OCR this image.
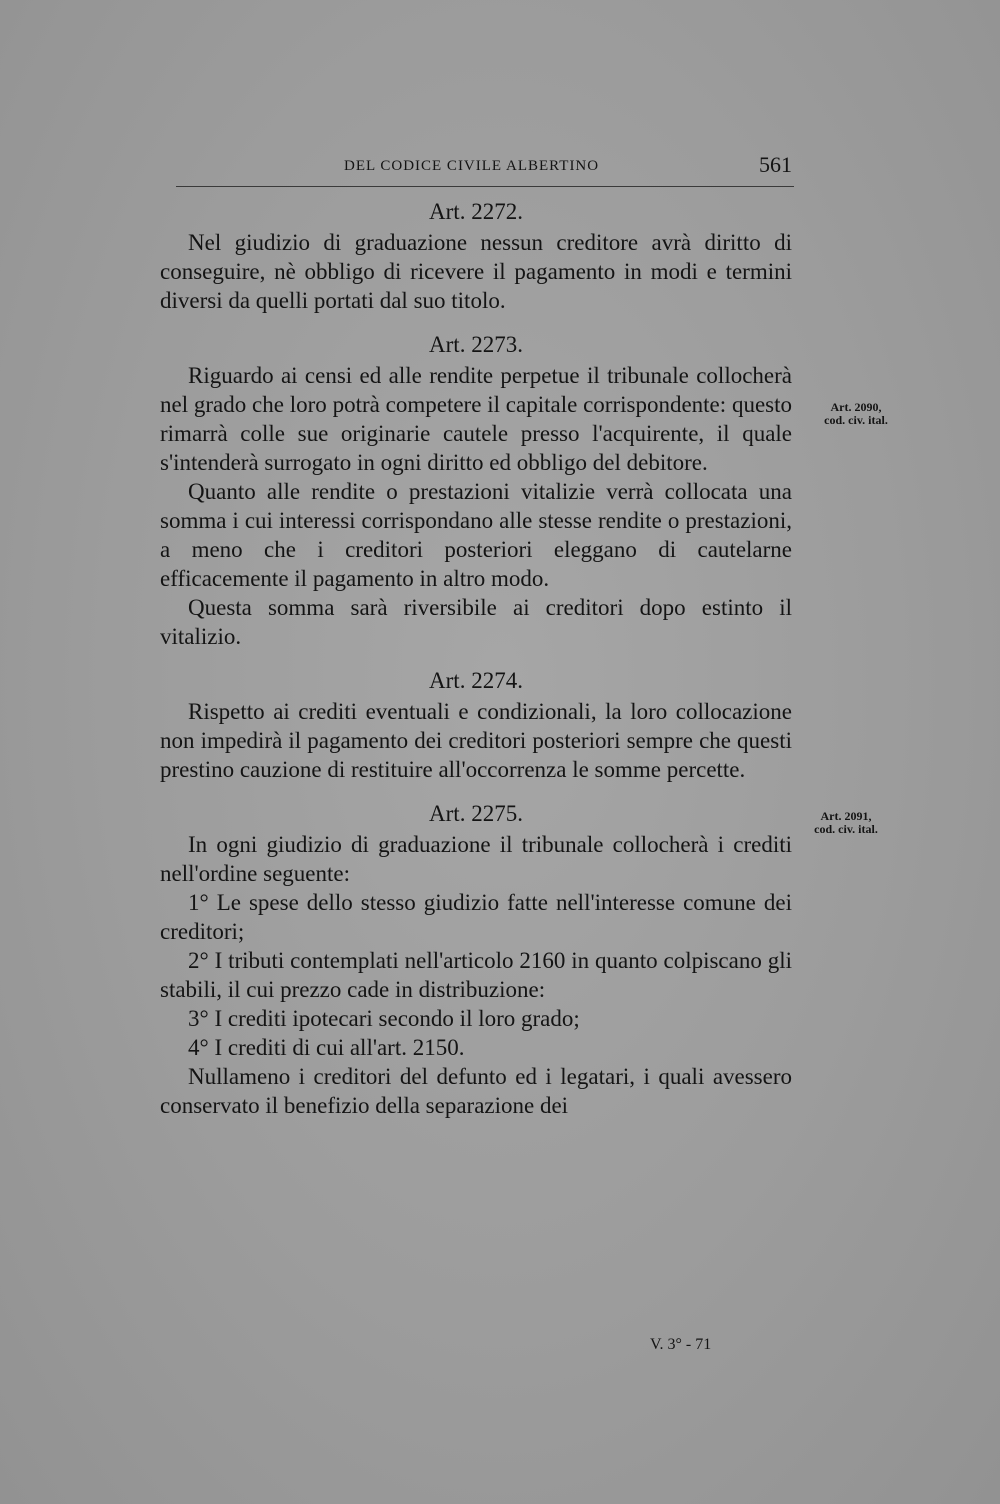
DEL CODICE CIVILE ALBERTINO	561

Art. 2272.

Nel giudizio di graduazione nessun creditore avrà diritto di conseguire, nè obbligo di ricevere il pagamento in modi e termini diversi da quelli portati dal suo titolo.

Art. 2273.

Riguardo ai censi ed alle rendite perpetue il tribunale collocherà nel grado che loro potrà competere il capitale corrispondente: questo rimarrà colle sue originarie cautele presso l'acquirente, il quale s'intenderà surrogato in ogni diritto ed obbligo del debitore.

Quanto alle rendite o prestazioni vitalizie verrà collocata una somma i cui interessi corrispondano alle stesse rendite o prestazioni, a meno che i creditori posteriori eleggano di cautelarne efficacemente il pagamento in altro modo.

Questa somma sarà riversibile ai creditori dopo estinto il vitalizio.

Art. 2274.

Rispetto ai crediti eventuali e condizionali, la loro collocazione non impedirà il pagamento dei creditori posteriori sempre che questi prestino cauzione di restituire all'occorrenza le somme percette.

Art. 2275.

In ogni giudizio di graduazione il tribunale collocherà i crediti nell'ordine seguente:

1° Le spese dello stesso giudizio fatte nell'interesse comune dei creditori;

2° I tributi contemplati nell'articolo 2160 in quanto colpiscano gli stabili, il cui prezzo cade in distribuzione:

3° I crediti ipotecari secondo il loro grado;

4° I crediti di cui all'art. 2150.

Nullameno i creditori del defunto ed i legatari, i quali avessero conservato il benefizio della separazione dei

Art. 2090,
cod. civ. ital.
Art. 2091,
cod. civ. ital.
V. 3° - 71
